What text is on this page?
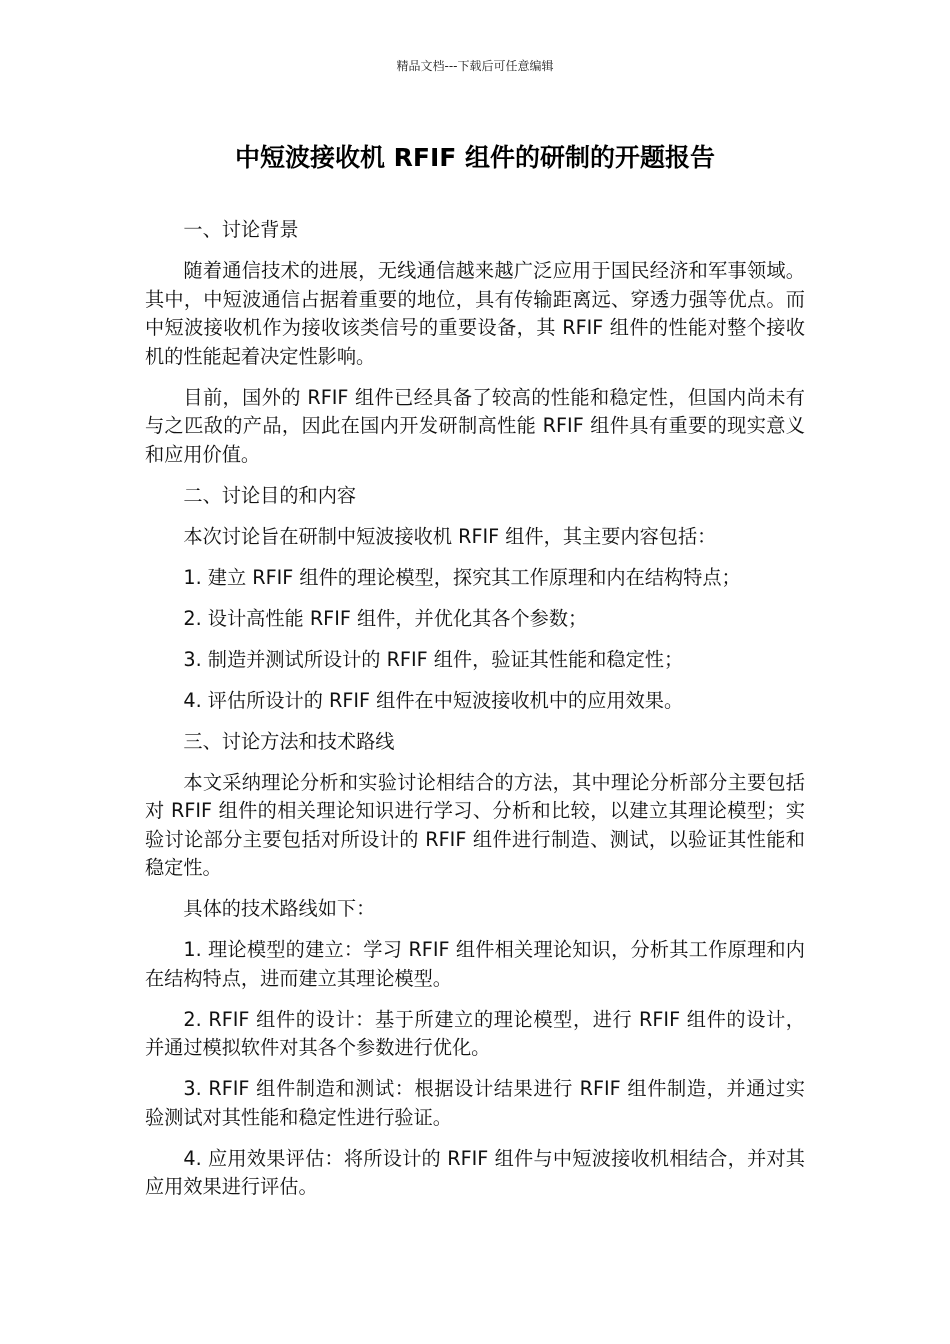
精品文档---下载后可任意编辑
中短波接收机 RFIF 组件的研制的开题报告

一、讨论背景

随着通信技术的进展，无线通信越来越广泛应用于国民经济和军事领域。其中，中短波通信占据着重要的地位，具有传输距离远、穿透力强等优点。而中短波接收机作为接收该类信号的重要设备，其 RFIF 组件的性能对整个接收机的性能起着决定性影响。

目前，国外的 RFIF 组件已经具备了较高的性能和稳定性，但国内尚未有与之匹敌的产品，因此在国内开发研制高性能 RFIF 组件具有重要的现实意义和应用价值。

二、讨论目的和内容

本次讨论旨在研制中短波接收机 RFIF 组件，其主要内容包括：

1. 建立 RFIF 组件的理论模型，探究其工作原理和内在结构特点；

2. 设计高性能 RFIF 组件，并优化其各个参数；

3. 制造并测试所设计的 RFIF 组件，验证其性能和稳定性；

4. 评估所设计的 RFIF 组件在中短波接收机中的应用效果。

三、讨论方法和技术路线

本文采纳理论分析和实验讨论相结合的方法，其中理论分析部分主要包括对 RFIF 组件的相关理论知识进行学习、分析和比较，以建立其理论模型；实验讨论部分主要包括对所设计的 RFIF 组件进行制造、测试，以验证其性能和稳定性。

具体的技术路线如下：

1. 理论模型的建立：学习 RFIF 组件相关理论知识，分析其工作原理和内在结构特点，进而建立其理论模型。

2. RFIF 组件的设计：基于所建立的理论模型，进行 RFIF 组件的设计，并通过模拟软件对其各个参数进行优化。

3. RFIF 组件制造和测试：根据设计结果进行 RFIF 组件制造，并通过实验测试对其性能和稳定性进行验证。

4. 应用效果评估：将所设计的 RFIF 组件与中短波接收机相结合，并对其应用效果进行评估。
